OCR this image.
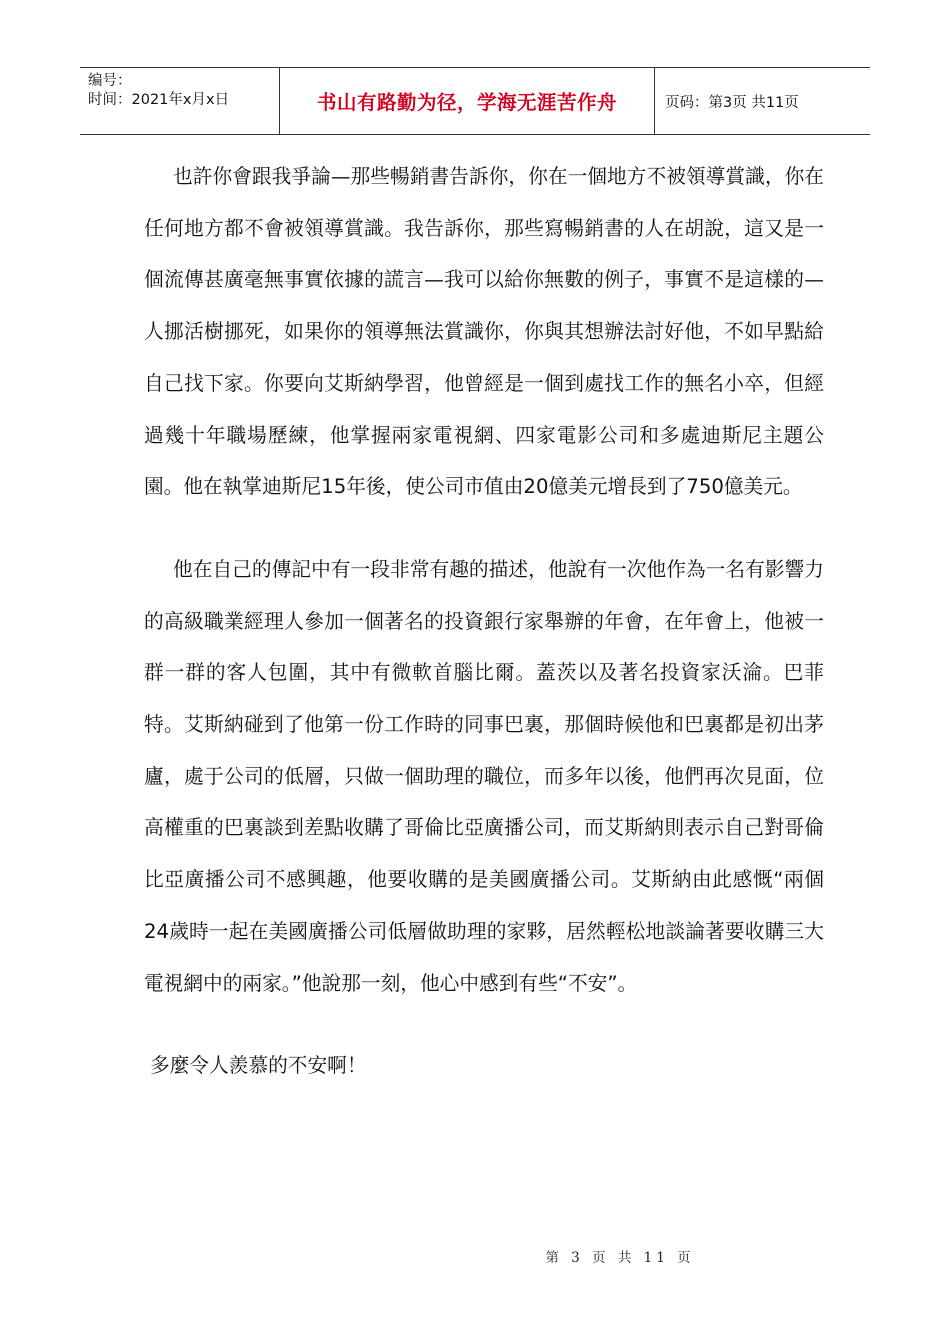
编号：
时间：2021年x月x日	书山有路勤为径，学海无涯苦作舟	页码：第3页 共11页

也許你會跟我爭論—那些暢銷書告訴你，你在一個地方不被領導賞識，你在任何地方都不會被領導賞識。我告訴你，那些寫暢銷書的人在胡說，這又是一個流傳甚廣毫無事實依據的謊言—我可以給你無數的例子，事實不是這樣的—人挪活樹挪死，如果你的領導無法賞識你，你與其想辦法討好他，不如早點給自己找下家。你要向艾斯納學習，他曾經是一個到處找工作的無名小卒，但經過幾十年職場歷練，他掌握兩家電視網、四家電影公司和多處迪斯尼主題公園。他在執掌迪斯尼15年後，使公司市值由20億美元增長到了750億美元。

他在自己的傳記中有一段非常有趣的描述，他說有一次他作為一名有影響力的高級職業經理人參加一個著名的投資銀行家舉辦的年會，在年會上，他被一群一群的客人包圍，其中有微軟首腦比爾。蓋茨以及著名投資家沃淪。巴菲特。艾斯納碰到了他第一份工作時的同事巴裏，那個時候他和巴裏都是初出茅廬，處于公司的低層，只做一個助理的職位，而多年以後，他們再次見面，位高權重的巴裏談到差點收購了哥倫比亞廣播公司，而艾斯納則表示自己對哥倫比亞廣播公司不感興趣，他要收購的是美國廣播公司。艾斯納由此感慨“兩個24歲時一起在美國廣播公司低層做助理的家夥，居然輕松地談論著要收購三大電視網中的兩家。”他說那一刻，他心中感到有些“不安”。

多麼令人羨慕的不安啊！

第 3 页 共 11 页
